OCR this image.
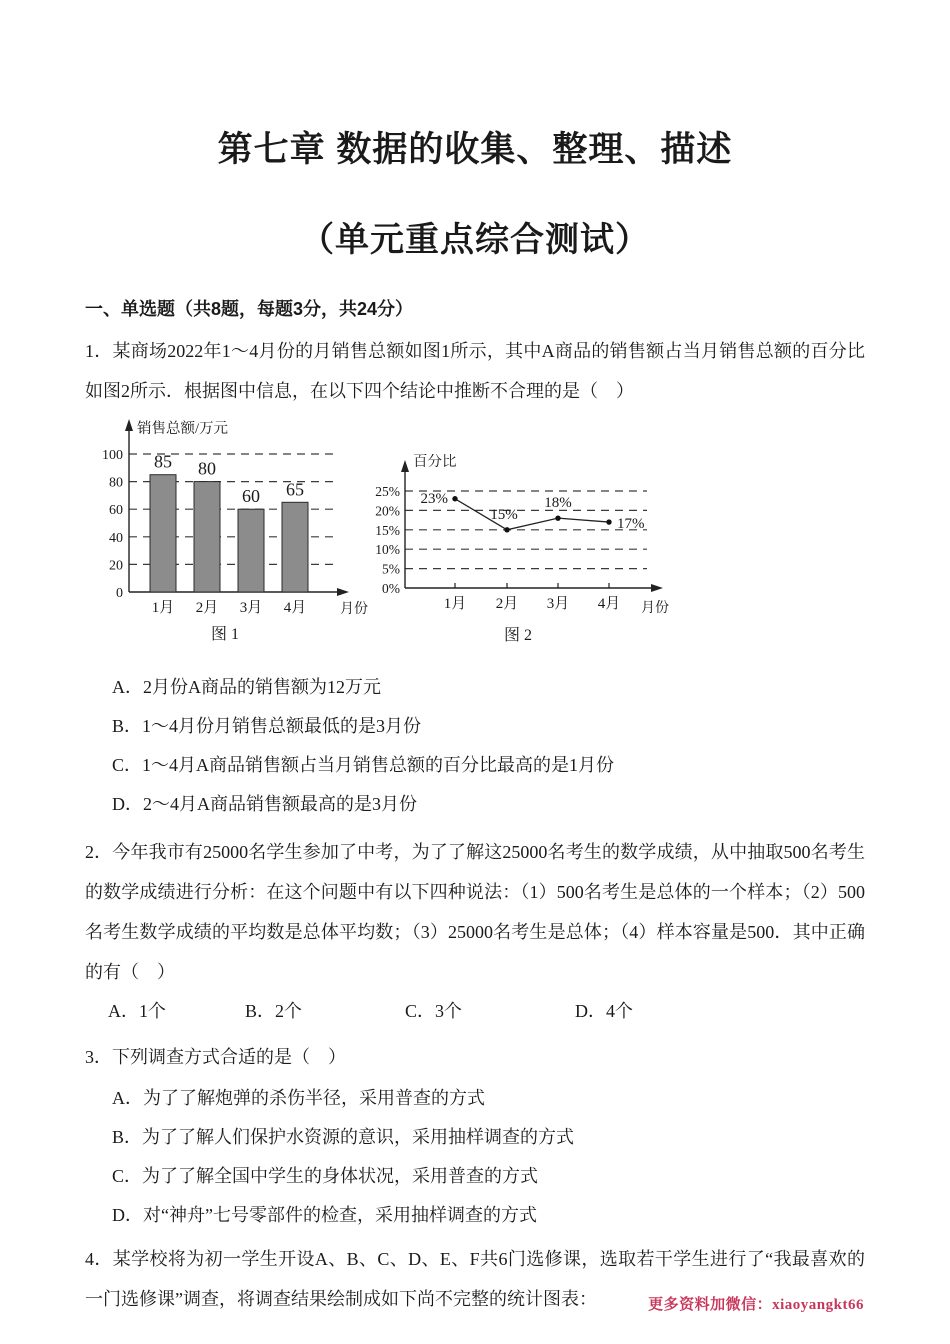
第七章 数据的收集、整理、描述
（单元重点综合测试）
一、单选题（共8题，每题3分，共24分）

1．某商场2022年1～4月份的月销售总额如图1所示，其中A商品的销售额占当月销售总额的百分比如图2所示．根据图中信息，在以下四个结论中推断不合理的是（　）

0
20
40
60
80
100
销售总额/万元
85
1月
80
2月
60
3月
65
4月 月份
图 1
0%
5%
10%
15%
20%
25%
百分比
1月 2月 3月 4月 月份
23%
15%
18%
17%
图 2
A．2月份A商品的销售额为12万元
B．1～4月份月销售总额最低的是3月份
C．1～4月A商品销售额占当月销售总额的百分比最高的是1月份
D．2～4月A商品销售额最高的是3月份

2．今年我市有25000名学生参加了中考，为了了解这25000名考生的数学成绩，从中抽取500名考生的数学成绩进行分析：在这个问题中有以下四种说法：（1）500名考生是总体的一个样本；（2）500名考生数学成绩的平均数是总体平均数；（3）25000名考生是总体；（4）样本容量是500．其中正确的有（　）

A．1个	B．2个	C．3个	D．4个

3．下列调查方式合适的是（　）

A．为了了解炮弹的杀伤半径，采用普查的方式
B．为了了解人们保护水资源的意识，采用抽样调查的方式
C．为了了解全国中学生的身体状况，采用普查的方式
D．对“神舟”七号零部件的检查，采用抽样调查的方式

4．某学校将为初一学生开设A、B、C、D、E、F共6门选修课，选取若干学生进行了“我最喜欢的一门选修课”调查，将调查结果绘制成如下尚不完整的统计图表：	更多资料加微信：xiaoyangkt66
